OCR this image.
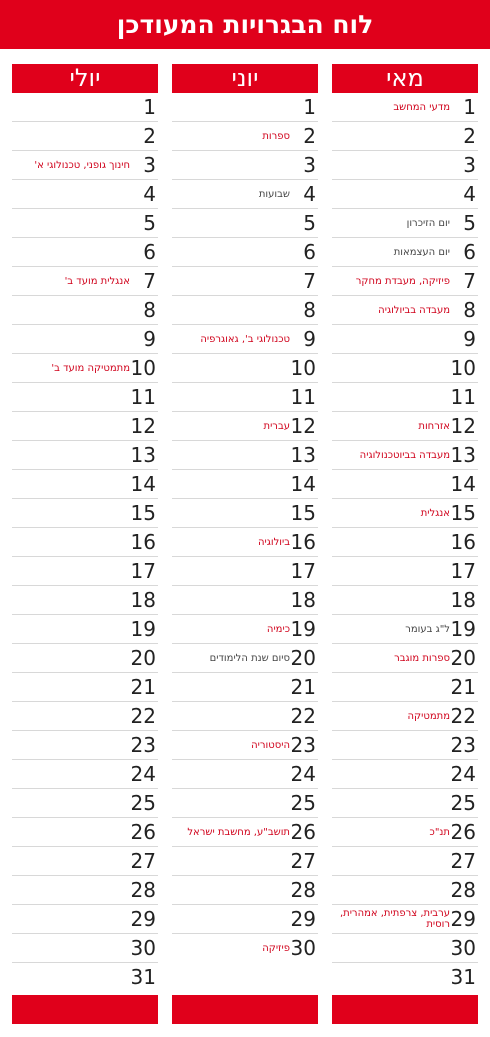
לוח הבגרויות המעודכן
יולי
1
2
3
חינוך גופני, טכנולוגי א'
4
5
6
7
אנגלית מועד ב'
8
9
10
מתמטיקה מועד ב'
11
12
13
14
15
16
17
18
19
20
21
22
23
24
25
26
27
28
29
30
31
יוני
1
2
ספרות
3
4
שבועות
5
6
7
8
9
טכנולוגי ב', גאוגרפיה
10
11
12
עברית
13
14
15
16
ביולוגיה
17
18
19
כימיה
20
סיום שנת הלימודים
21
22
23
היסטוריה
24
25
26
תושב"ע, מחשבת ישראל
27
28
29
30
פיזיקה
מאי
1
מדעי המחשב
2
3
4
5
יום הזיכרון
6
יום העצמאות
7
פיזיקה, מעבדת מחקר
8
מעבדה בביולוגיה
9
10
11
12
אזרחות
13
מעבדה בביוטכנולוגיה
14
15
אנגלית
16
17
18
19
ל"ג בעומר
20
ספרות מוגבר
21
22
מתמטיקה
23
24
25
26
תנ"כ
27
28
29
ערבית, צרפתית, אמהרית, רוסית
30
31
